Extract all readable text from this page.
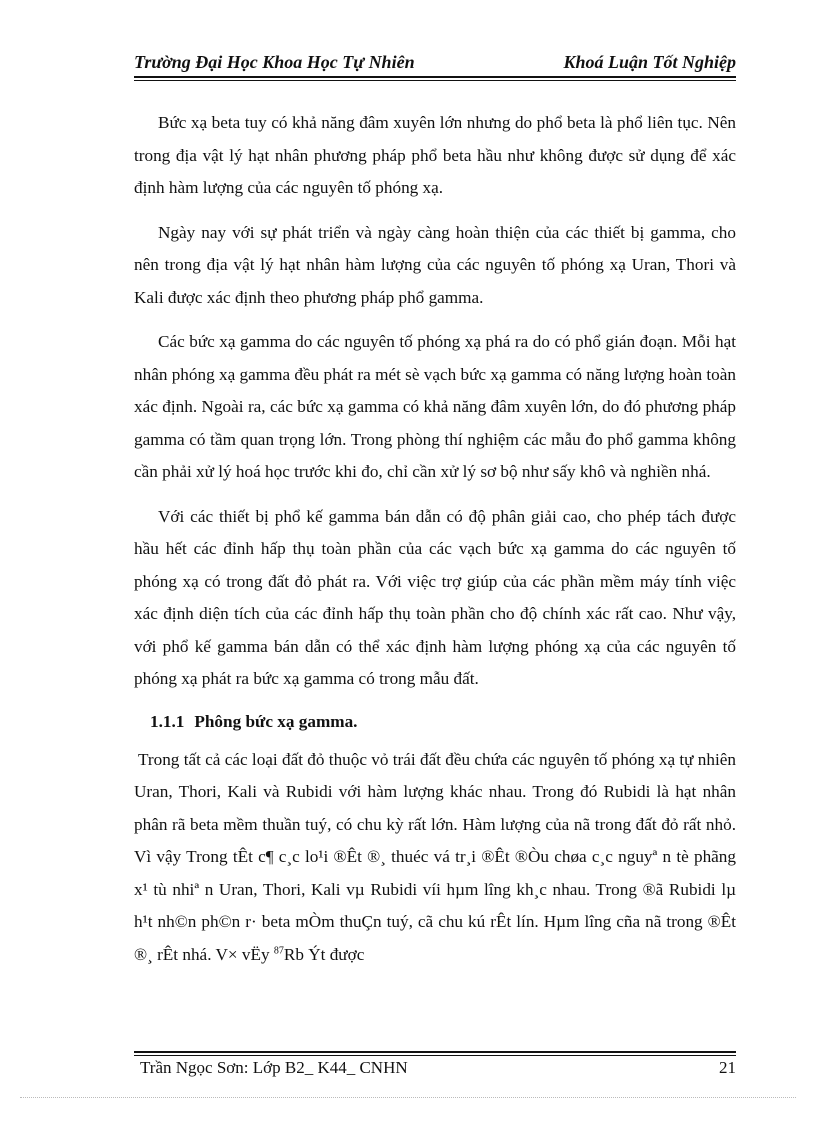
Trường Đại Học Khoa Học Tự Nhiên	Khoá Luận Tốt Nghiệp

Bức xạ beta tuy có khả năng đâm xuyên lớn nhưng do phổ beta là phổ liên tục. Nên trong địa vật lý hạt nhân phương pháp phổ beta hầu như không được sử dụng để xác định hàm lượng của các nguyên tố phóng xạ.

Ngày nay với sự phát triển và ngày càng hoàn thiện của các thiết bị gamma, cho nên trong địa vật lý hạt nhân hàm lượng của các nguyên tố phóng xạ Uran, Thori và Kali được xác định theo phương pháp phổ gamma.

Các bức xạ gamma do các nguyên tố phóng xạ phá ra do có phổ gián đoạn. Mỗi hạt nhân phóng xạ gamma đều phát ra mét sè vạch bức xạ gamma có năng lượng hoàn toàn xác định. Ngoài ra, các bức xạ gamma có khả năng đâm xuyên lớn, do đó phương pháp gamma có tầm quan trọng lớn. Trong phòng thí nghiệm các mẫu đo phổ gamma không cần phải xử lý hoá học trước khi đo, chỉ cần xử lý sơ bộ như sấy khô và nghiền nhá.

Với các thiết bị phổ kế gamma bán dẫn có độ phân giải cao, cho phép tách được hầu hết các đỉnh hấp thụ toàn phần của các vạch bức xạ gamma do các nguyên tố phóng xạ có trong đất đỏ phát ra. Với việc trợ giúp của các phần mềm máy tính việc xác định diện tích của các đỉnh hấp thụ toàn phần cho độ chính xác rất cao. Như vậy, với phổ kế gamma bán dẫn có thể xác định hàm lượng phóng xạ của các nguyên tố phóng xạ phát ra bức xạ gamma có trong mẫu đất.

1.1.1 Phông bức xạ gamma.

Trong tất cả các loại đất đỏ thuộc vỏ trái đất đều chứa các nguyên tố phóng xạ tự nhiên Uran, Thori, Kali và Rubidi với hàm lượng khác nhau. Trong đó Rubidi là hạt nhân phân rã beta mềm thuần tuý, có chu kỳ rất lớn. Hàm lượng của nã trong đất đỏ rất nhỏ. Vì vậy Trong tÊt c¶ c¸c lo¹i ®Êt ®¸ thuéc vá tr¸i ®Êt ®Òu chøa c¸c nguyª n tè phãng x¹ tù nhiª n Uran, Thori, Kali vµ Rubidi víi hµm lîng kh¸c nhau. Trong ®ã Rubidi lµ h¹t nh©n ph©n r· beta mÒm thuÇn tuý, cã chu kú rÊt lín. Hµm lîng cña nã trong ®Êt ®¸ rÊt nhá. V× vËy $^{87}$Rb Ýt được

Trần Ngọc Sơn: Lớp B2_ K44_ CNHN	21
